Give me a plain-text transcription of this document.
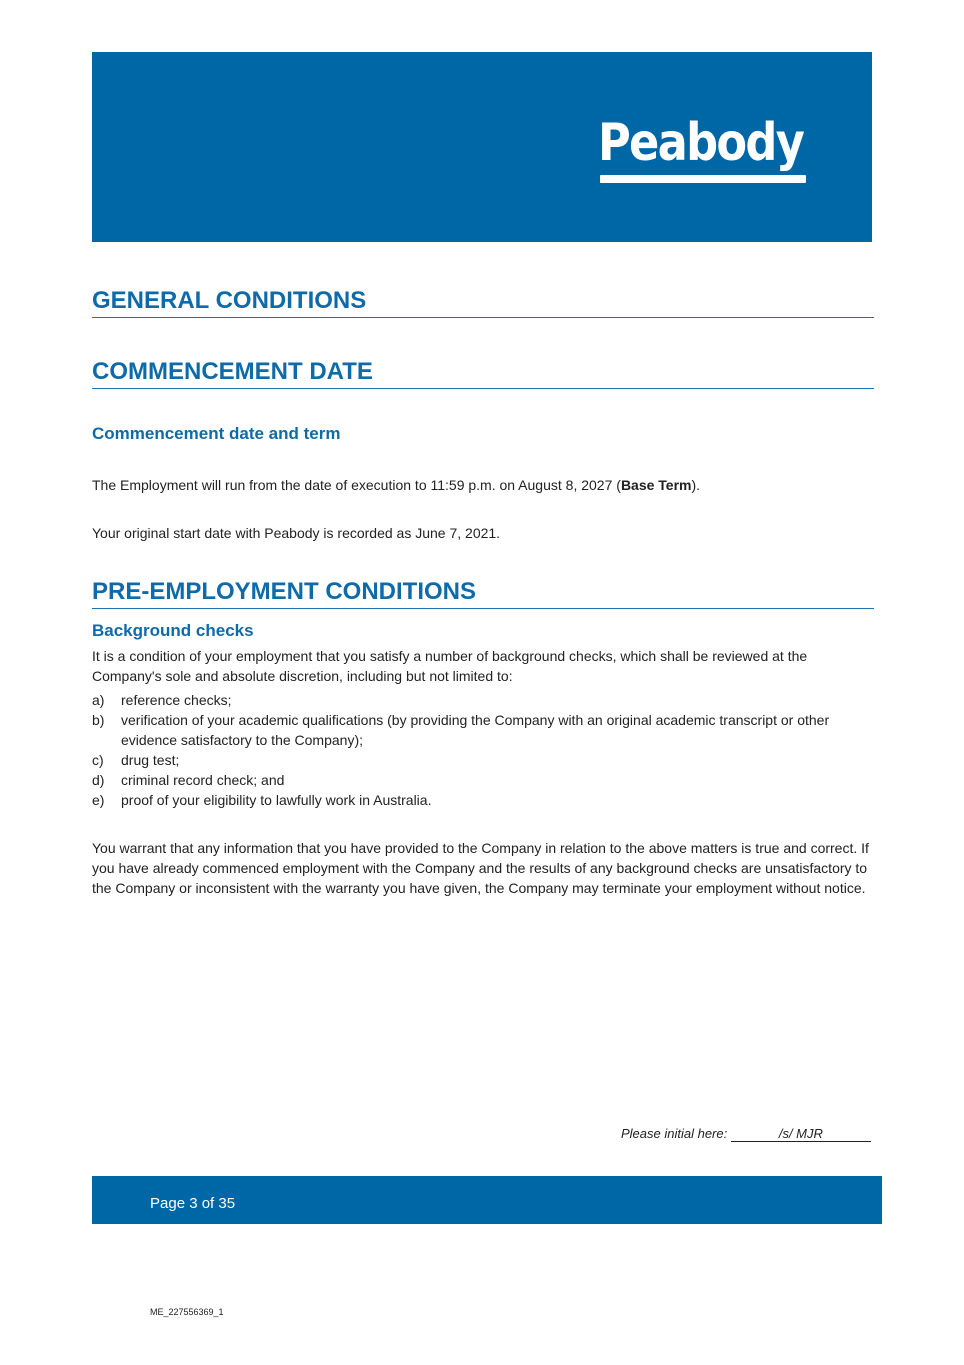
Peabody
GENERAL CONDITIONS
COMMENCEMENT DATE
Commencement date and term
The Employment will run from the date of execution to 11:59 p.m. on August 8, 2027 (Base Term).
Your original start date with Peabody is recorded as June 7, 2021.
PRE-EMPLOYMENT CONDITIONS
Background checks
It is a condition of your employment that you satisfy a number of background checks, which shall be reviewed at the Company's sole and absolute discretion, including but not limited to:
a) reference checks;
b) verification of your academic qualifications (by providing the Company with an original academic transcript or other evidence satisfactory to the Company);
c) drug test;
d) criminal record check; and
e) proof of your eligibility to lawfully work in Australia.
You warrant that any information that you have provided to the Company in relation to the above matters is true and correct. If you have already commenced employment with the Company and the results of any background checks are unsatisfactory to the Company or inconsistent with the warranty you have given, the Company may terminate your employment without notice.
Please initial here:	/s/ MJR
Page 3 of 35
ME_227556369_1
